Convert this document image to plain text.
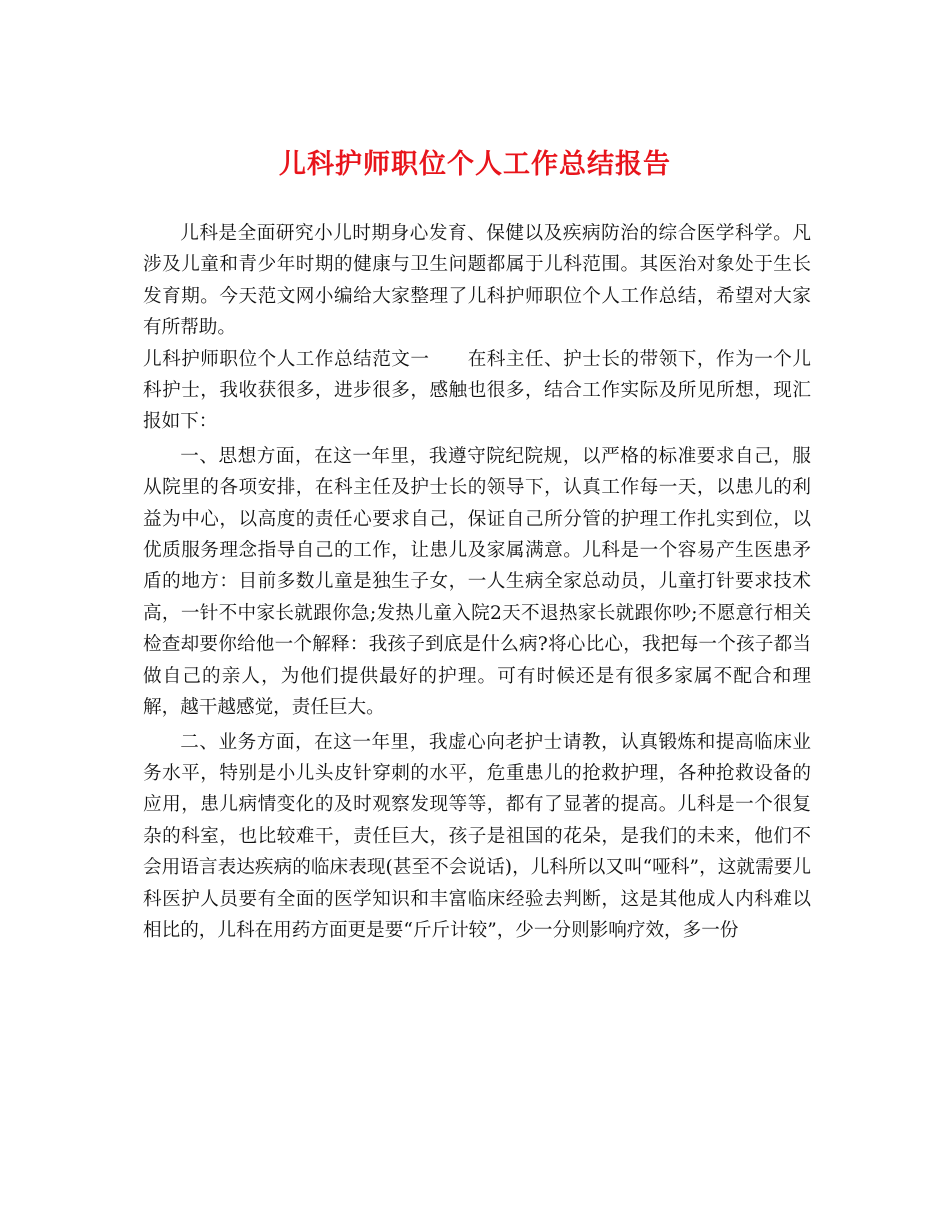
儿科护师职位个人工作总结报告

儿科是全面研究小儿时期身心发育、保健以及疾病防治的综合医学科学。凡涉及儿童和青少年时期的健康与卫生问题都属于儿科范围。其医治对象处于生长发育期。今天范文网小编给大家整理了儿科护师职位个人工作总结，希望对大家有所帮助。

儿科护师职位个人工作总结范文一　　在科主任、护士长的带领下，作为一个儿科护士，我收获很多，进步很多，感触也很多，结合工作实际及所见所想，现汇报如下：

一、思想方面，在这一年里，我遵守院纪院规，以严格的标准要求自己，服从院里的各项安排，在科主任及护士长的领导下，认真工作每一天，以患儿的利益为中心，以高度的责任心要求自己，保证自己所分管的护理工作扎实到位，以优质服务理念指导自己的工作，让患儿及家属满意。儿科是一个容易产生医患矛盾的地方：目前多数儿童是独生子女，一人生病全家总动员，儿童打针要求技术高，一针不中家长就跟你急;发热儿童入院2天不退热家长就跟你吵;不愿意行相关检查却要你给他一个解释：我孩子到底是什么病?将心比心，我把每一个孩子都当做自己的亲人，为他们提供最好的护理。可有时候还是有很多家属不配合和理解，越干越感觉，责任巨大。

二、业务方面，在这一年里，我虚心向老护士请教，认真锻炼和提高临床业务水平，特别是小儿头皮针穿刺的水平，危重患儿的抢救护理，各种抢救设备的应用，患儿病情变化的及时观察发现等等，都有了显著的提高。儿科是一个很复杂的科室，也比较难干，责任巨大，孩子是祖国的花朵，是我们的未来，他们不会用语言表达疾病的临床表现(甚至不会说话)，儿科所以又叫“哑科”，这就需要儿科医护人员要有全面的医学知识和丰富临床经验去判断，这是其他成人内科难以相比的，儿科在用药方面更是要“斤斤计较”，少一分则影响疗效，多一份
